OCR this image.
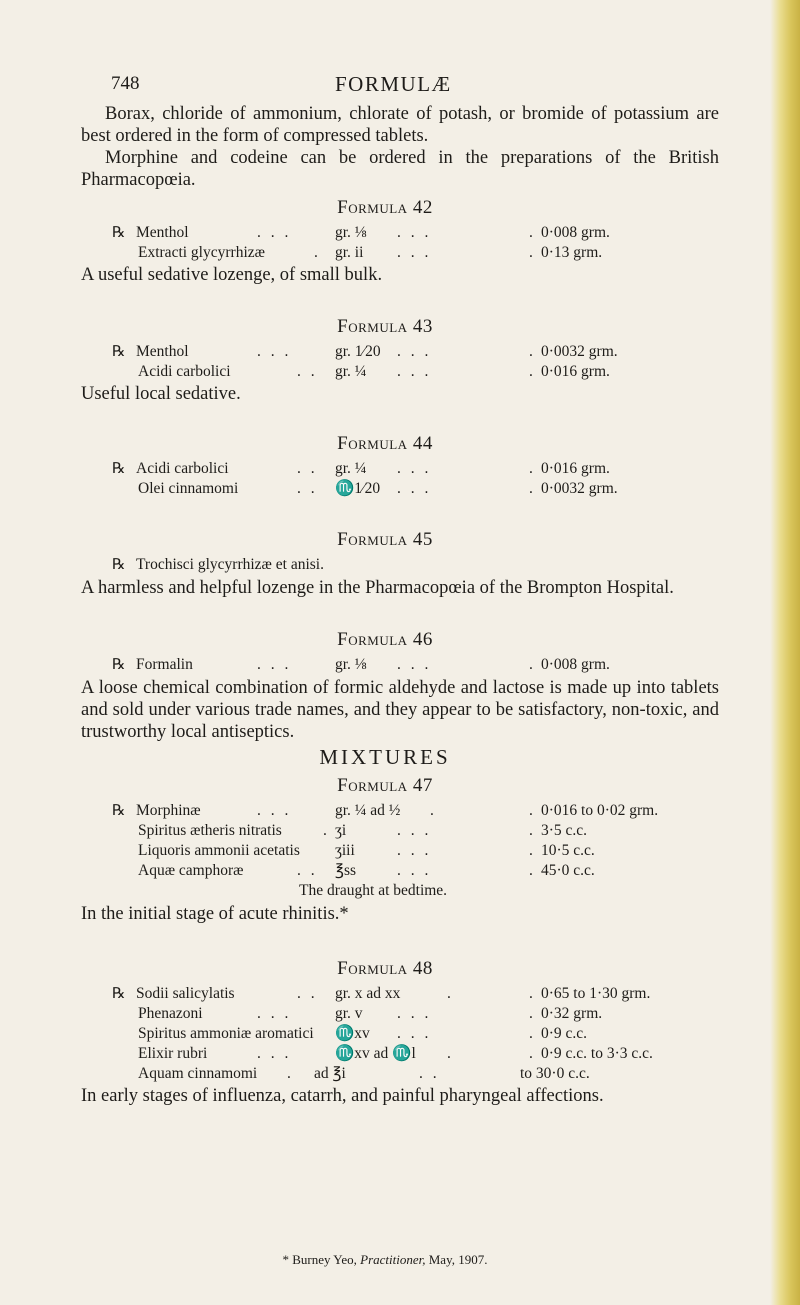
748	FORMULÆ
Borax, chloride of ammonium, chlorate of potash, or bromide of potassium are best ordered in the form of compressed tablets.
Morphine and codeine can be ordered in the preparations of the British Pharmacopœia.
Formula 42
℞ Menthol	. . .	gr. ⅛ . . .	. 0·008 grm.
Extracti glycyrrhizæ	. gr. ii . . .	. 0·13 grm.
A useful sedative lozenge, of small bulk.
Formula 43
℞ Menthol	. . .	gr. 1⁄20 . . .	. 0·0032 grm.
Acidi carbolici	. . gr. ¼ . . .	. 0·016 grm.
Useful local sedative.
Formula 44
℞ Acidi carbolici	. . gr. ¼ . . .	. 0·016 grm.
Olei cinnamomi	. . ♏1⁄20 . . .	. 0·0032 grm.
Formula 45
℞ Trochisci glycyrrhizæ et anisi.
A harmless and helpful lozenge in the Pharmacopœia of the Brompton Hospital.
Formula 46
℞ Formalin	. . .	gr. ⅛ . . .	. 0·008 grm.
A loose chemical combination of formic aldehyde and lactose is made up into tablets and sold under various trade names, and they appear to be satisfactory, non-toxic, and trustworthy local antiseptics.
MIXTURES
Formula 47
℞ Morphinæ	. . .	gr. ¼ ad ½ .	. 0·016 to 0·02 grm.
Spiritus ætheris nitratis	. ʒi	. . .	. 3·5 c.c.
Liquoris ammonii acetatis ʒiii	. . .	. 10·5 c.c.
Aquæ camphoræ	. . ℥ss	. . .	. 45·0 c.c.
The draught at bedtime.
In the initial stage of acute rhinitis.*
Formula 48
℞ Sodii salicylatis	. . gr. x ad xx	.	. 0·65 to 1·30 grm.
Phenazoni	. . .	gr. v . . .	. 0·32 grm.
Spiritus ammoniæ aromatici ♏xv . . .	. 0·9 c.c.
Elixir rubri	. . .	♏xv ad ♏l .	. 0·9 c.c. to 3·3 c.c.
Aquam cinnamomi . ad ℥i	. .	to 30·0 c.c.
In early stages of influenza, catarrh, and painful pharyngeal affections.
* Burney Yeo, Practitioner, May, 1907.
